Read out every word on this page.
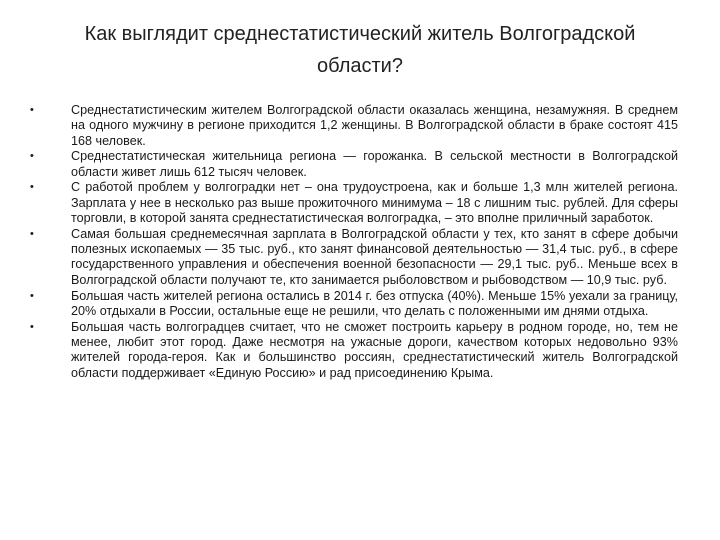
Как выглядит среднестатистический житель Волгоградской области?
•	Среднестатистическим жителем Волгоградской области оказалась женщина, незамужняя. В среднем на одного мужчину в регионе приходится 1,2 женщины. В Волгоградской области в браке состоят 415 168 человек.
•	Среднестатистическая жительница региона — горожанка. В сельской местности в Волгоградской области живет лишь 612 тысяч человек.
•	С работой проблем у волгоградки нет – она трудоустроена, как и больше 1,3 млн жителей региона. Зарплата у нее в несколько раз выше прожиточного минимума – 18 с лишним тыс. рублей. Для сферы торговли, в которой занята среднестатистическая волгоградка, – это вполне приличный заработок.
•	Самая большая среднемесячная зарплата в Волгоградской области у тех, кто занят в сфере добычи полезных ископаемых — 35 тыс. руб., кто занят финансовой деятельностью — 31,4 тыс. руб., в сфере государственного управления и обеспечения военной безопасности — 29,1 тыс. руб.. Меньше всех в Волгоградской области получают те, кто занимается рыболовством и рыбоводством — 10,9 тыс. руб.
•	Большая часть жителей региона остались в 2014 г. без отпуска (40%). Меньше 15% уехали за границу, 20% отдыхали в России, остальные еще не решили, что делать с положенными им днями отдыха.
•	Большая часть волгоградцев считает, что не сможет построить карьеру в родном городе, но, тем не менее, любит этот город. Даже несмотря на ужасные дороги, качеством которых недовольно 93% жителей города-героя. Как и большинство россиян, среднестатистический житель Волгоградской области поддерживает «Единую Россию» и рад присоединению Крыма.
